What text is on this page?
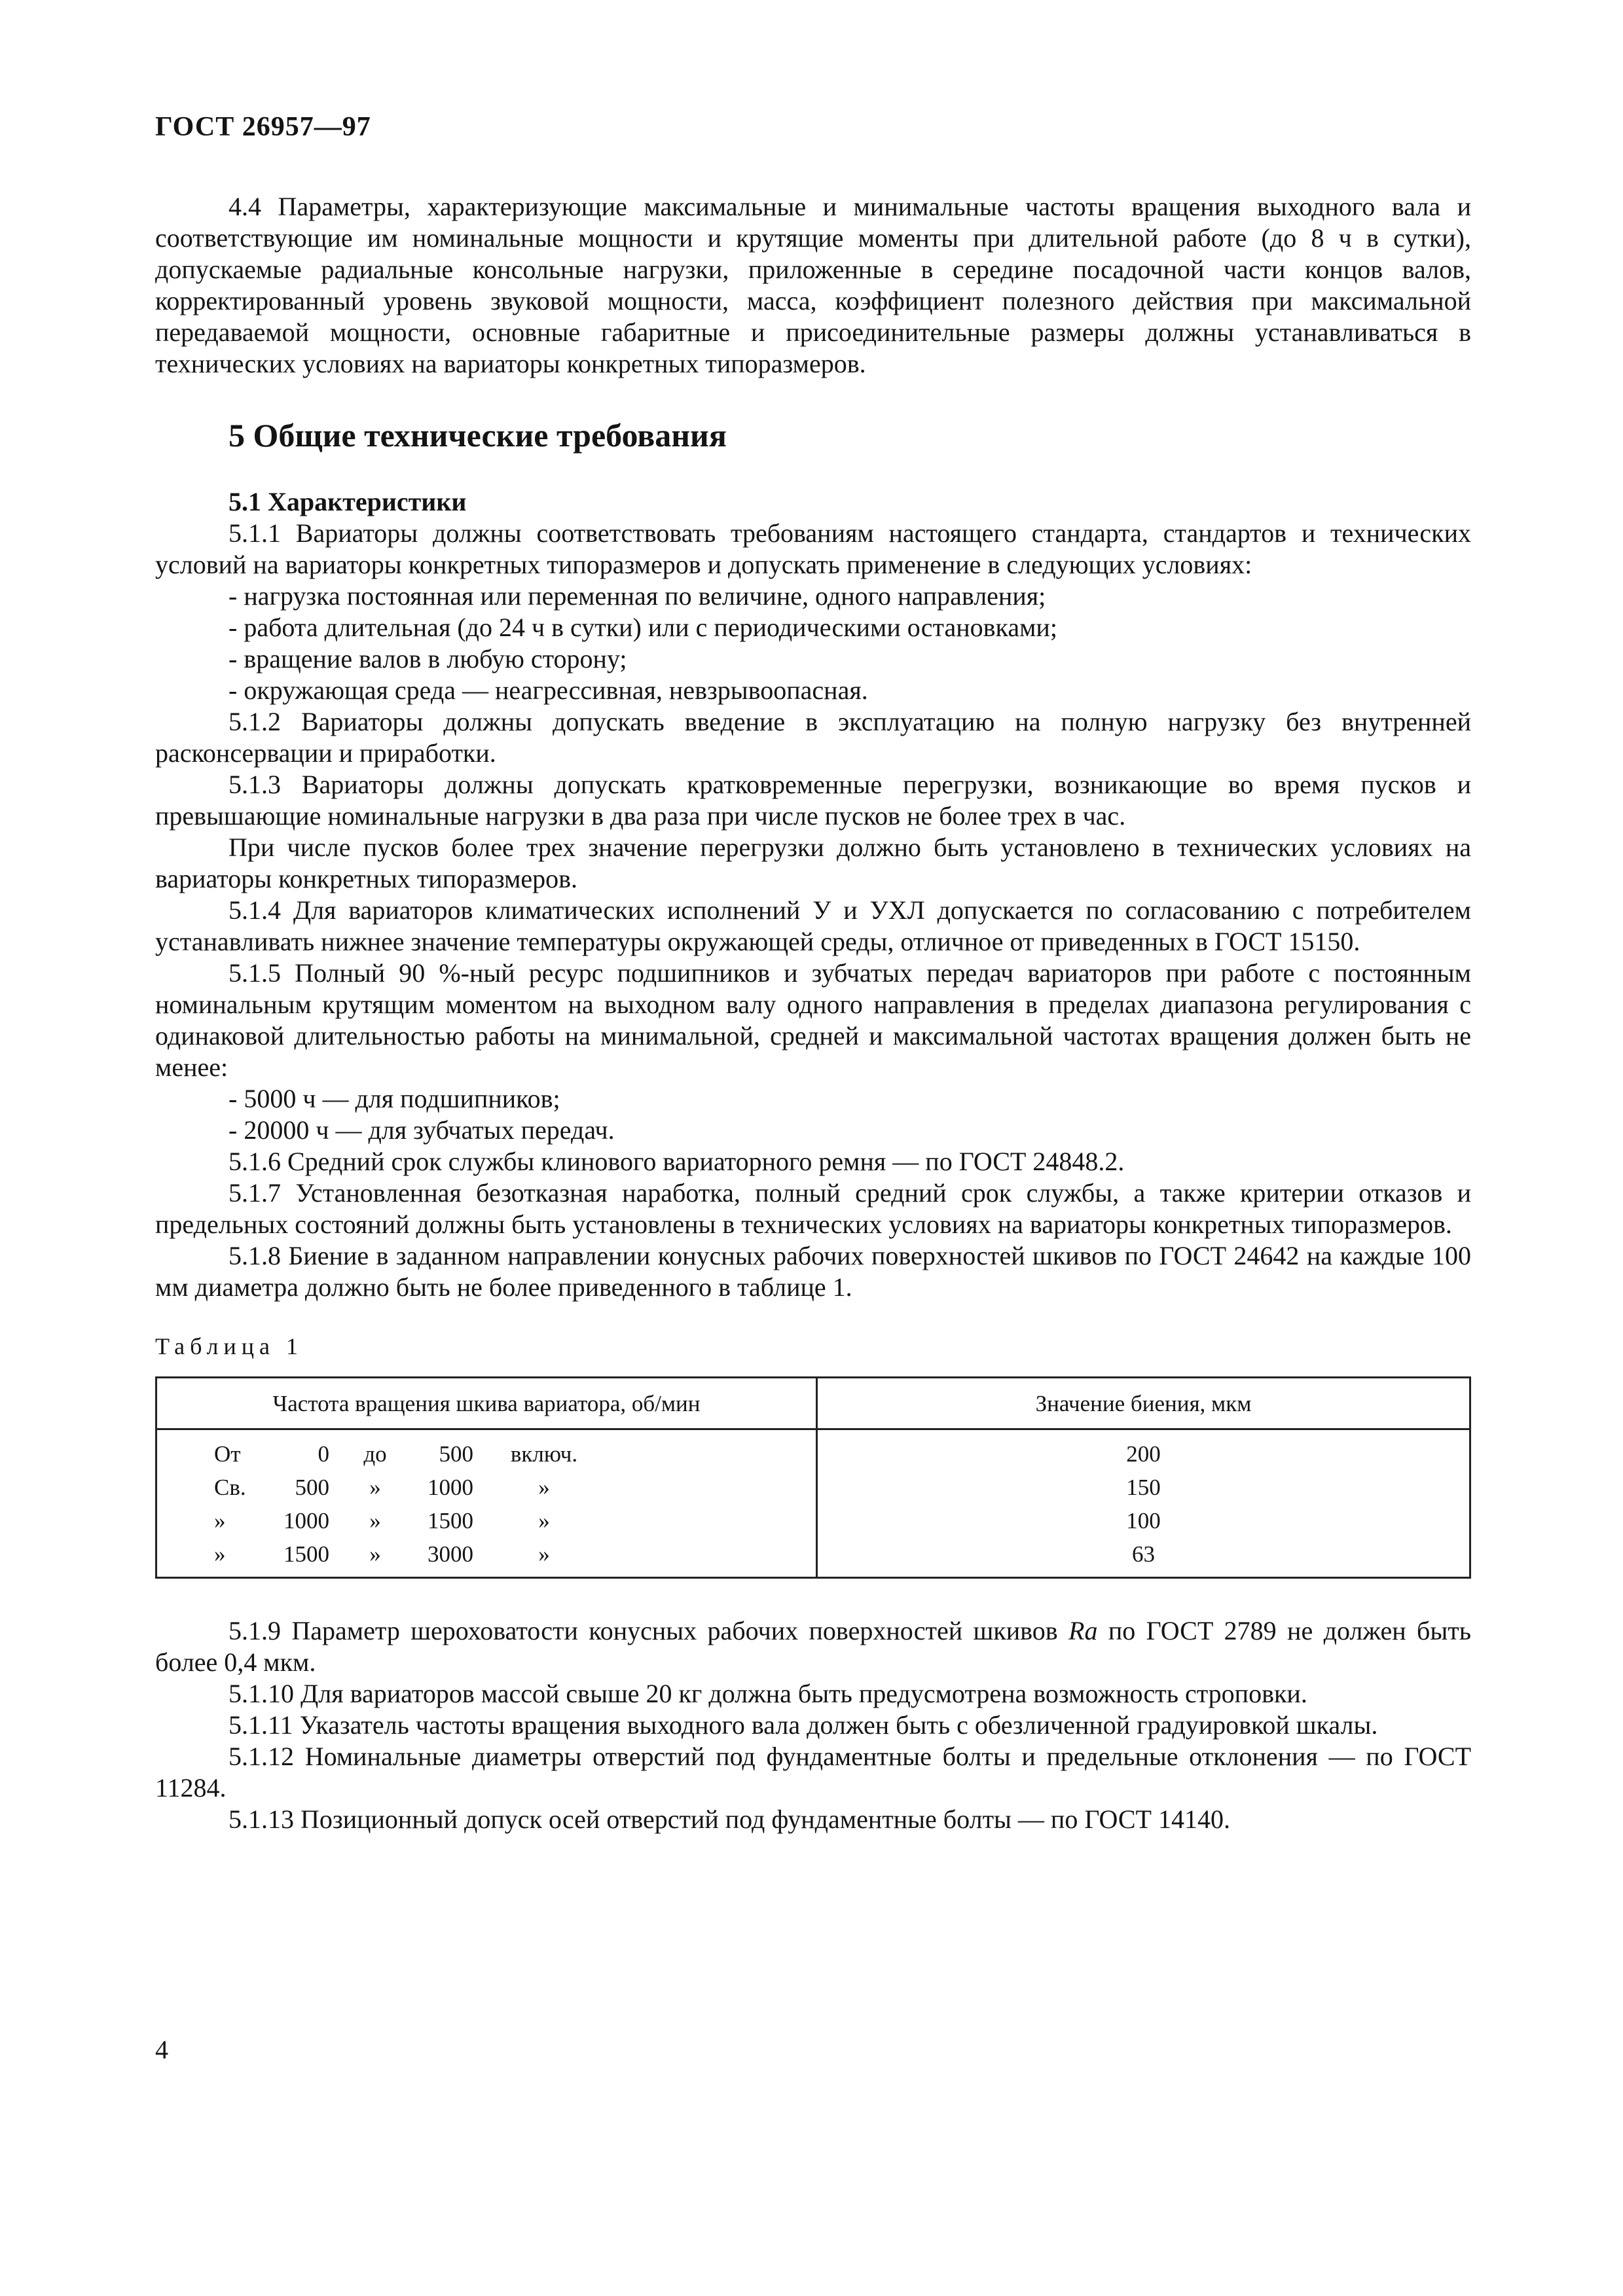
ГОСТ 26957—97

4.4 Параметры, характеризующие максимальные и минимальные частоты вращения выходного вала и соответствующие им номинальные мощности и крутящие моменты при длительной работе (до 8 ч в сутки), допускаемые радиальные консольные нагрузки, приложенные в середине посадочной части концов валов, корректированный уровень звуковой мощности, масса, коэффициент полезного действия при максимальной передаваемой мощности, основные габаритные и присоединительные размеры должны устанавливаться в технических условиях на вариаторы конкретных типоразмеров.

5 Общие технические требования
5.1 Характеристики

5.1.1 Вариаторы должны соответствовать требованиям настоящего стандарта, стандартов и технических условий на вариаторы конкретных типоразмеров и допускать применение в следующих условиях:

- нагрузка постоянная или переменная по величине, одного направления;

- работа длительная (до 24 ч в сутки) или с периодическими остановками;

- вращение валов в любую сторону;

- окружающая среда — неагрессивная, невзрывоопасная.

5.1.2 Вариаторы должны допускать введение в эксплуатацию на полную нагрузку без внутренней расконсервации и приработки.

5.1.3 Вариаторы должны допускать кратковременные перегрузки, возникающие во время пусков и превышающие номинальные нагрузки в два раза при числе пусков не более трех в час.

При числе пусков более трех значение перегрузки должно быть установлено в технических условиях на вариаторы конкретных типоразмеров.

5.1.4 Для вариаторов климатических исполнений У и УХЛ допускается по согласованию с потребителем устанавливать нижнее значение температуры окружающей среды, отличное от приведенных в ГОСТ 15150.

5.1.5 Полный 90 %-ный ресурс подшипников и зубчатых передач вариаторов при работе с постоянным номинальным крутящим моментом на выходном валу одного направления в пределах диапазона регулирования с одинаковой длительностью работы на минимальной, средней и максимальной частотах вращения должен быть не менее:

- 5000 ч — для подшипников;

- 20000 ч — для зубчатых передач.

5.1.6 Средний срок службы клинового вариаторного ремня — по ГОСТ 24848.2.

5.1.7 Установленная безотказная наработка, полный средний срок службы, а также критерии отказов и предельных состояний должны быть установлены в технических условиях на вариаторы конкретных типоразмеров.

5.1.8 Биение в заданном направлении конусных рабочих поверхностей шкивов по ГОСТ 24642 на каждые 100 мм диаметра должно быть не более приведенного в таблице 1.

Таблица 1
Частота вращения шкива вариатора, об/мин	Значение биения, мкм
От 0 до 500 включ.	200
Св. 500 » 1000 »	150
» 1000 » 1500 »	100
» 1500 » 3000 »	63

5.1.9 Параметр шероховатости конусных рабочих поверхностей шкивов Ra по ГОСТ 2789 не должен быть более 0,4 мкм.

5.1.10 Для вариаторов массой свыше 20 кг должна быть предусмотрена возможность строповки.

5.1.11 Указатель частоты вращения выходного вала должен быть с обезличенной градуировкой шкалы.

5.1.12 Номинальные диаметры отверстий под фундаментные болты и предельные отклонения — по ГОСТ 11284.

5.1.13 Позиционный допуск осей отверстий под фундаментные болты — по ГОСТ 14140.

4
